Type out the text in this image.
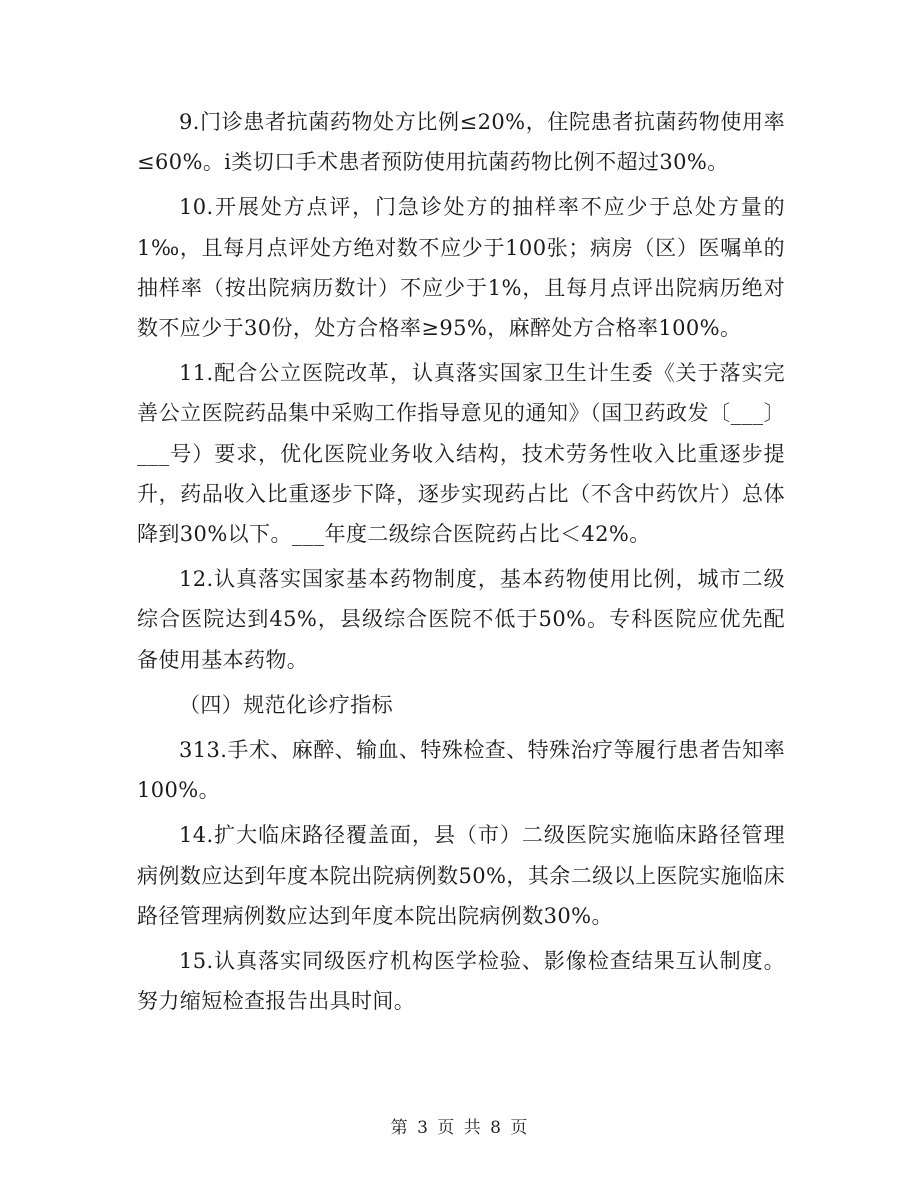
9.门诊患者抗菌药物处方比例≤20%，住院患者抗菌药物使用率≤60%。i类切口手术患者预防使用抗菌药物比例不超过30%。

10.开展处方点评，门急诊处方的抽样率不应少于总处方量的1‰，且每月点评处方绝对数不应少于100张；病房（区）医嘱单的抽样率（按出院病历数计）不应少于1%，且每月点评出院病历绝对数不应少于30份，处方合格率≥95%，麻醉处方合格率100%。

11.配合公立医院改革，认真落实国家卫生计生委《关于落实完善公立医院药品集中采购工作指导意见的通知》（国卫药政发〔___〕___号）要求，优化医院业务收入结构，技术劳务性收入比重逐步提升，药品收入比重逐步下降，逐步实现药占比（不含中药饮片）总体降到30%以下。___年度二级综合医院药占比＜42%。

12.认真落实国家基本药物制度，基本药物使用比例，城市二级综合医院达到45%，县级综合医院不低于50%。专科医院应优先配备使用基本药物。

（四）规范化诊疗指标

313.手术、麻醉、输血、特殊检查、特殊治疗等履行患者告知率100%。

14.扩大临床路径覆盖面，县（市）二级医院实施临床路径管理病例数应达到年度本院出院病例数50%，其余二级以上医院实施临床路径管理病例数应达到年度本院出院病例数30%。

15.认真落实同级医疗机构医学检验、影像检查结果互认制度。努力缩短检查报告出具时间。

第 3 页 共 8 页
